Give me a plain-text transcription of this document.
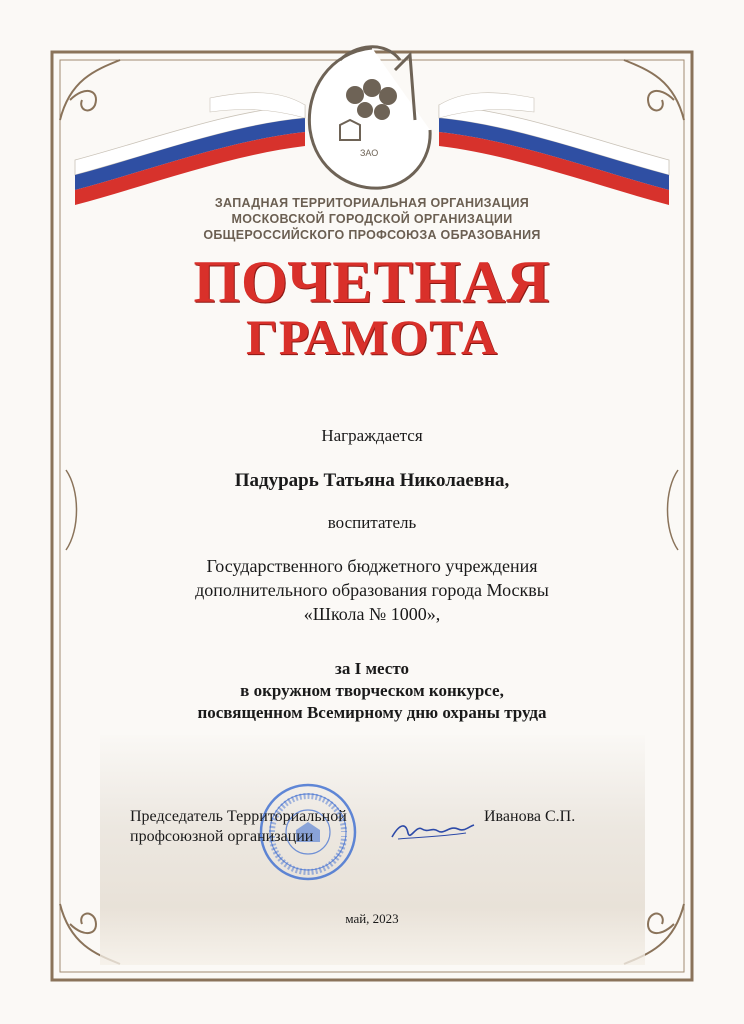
ЗАО
ЗАПАДНАЯ ТЕРРИТОРИАЛЬНАЯ ОРГАНИЗАЦИЯ
МОСКОВСКОЙ ГОРОДСКОЙ ОРГАНИЗАЦИИ
ОБЩЕРОССИЙСКОГО ПРОФСОЮЗА ОБРАЗОВАНИЯ
ПОЧЕТНАЯ
ГРАМОТА
Награждается
Падурарь Татьяна Николаевна,
воспитатель
Государственного бюджетного учреждения
дополнительного образования города Москвы
«Школа № 1000»,
за I место
в окружном творческом конкурсе,
посвященном Всемирному дню охраны труда
Председатель Территориальной
профсоюзной организации
Иванова С.П.
май, 2023
